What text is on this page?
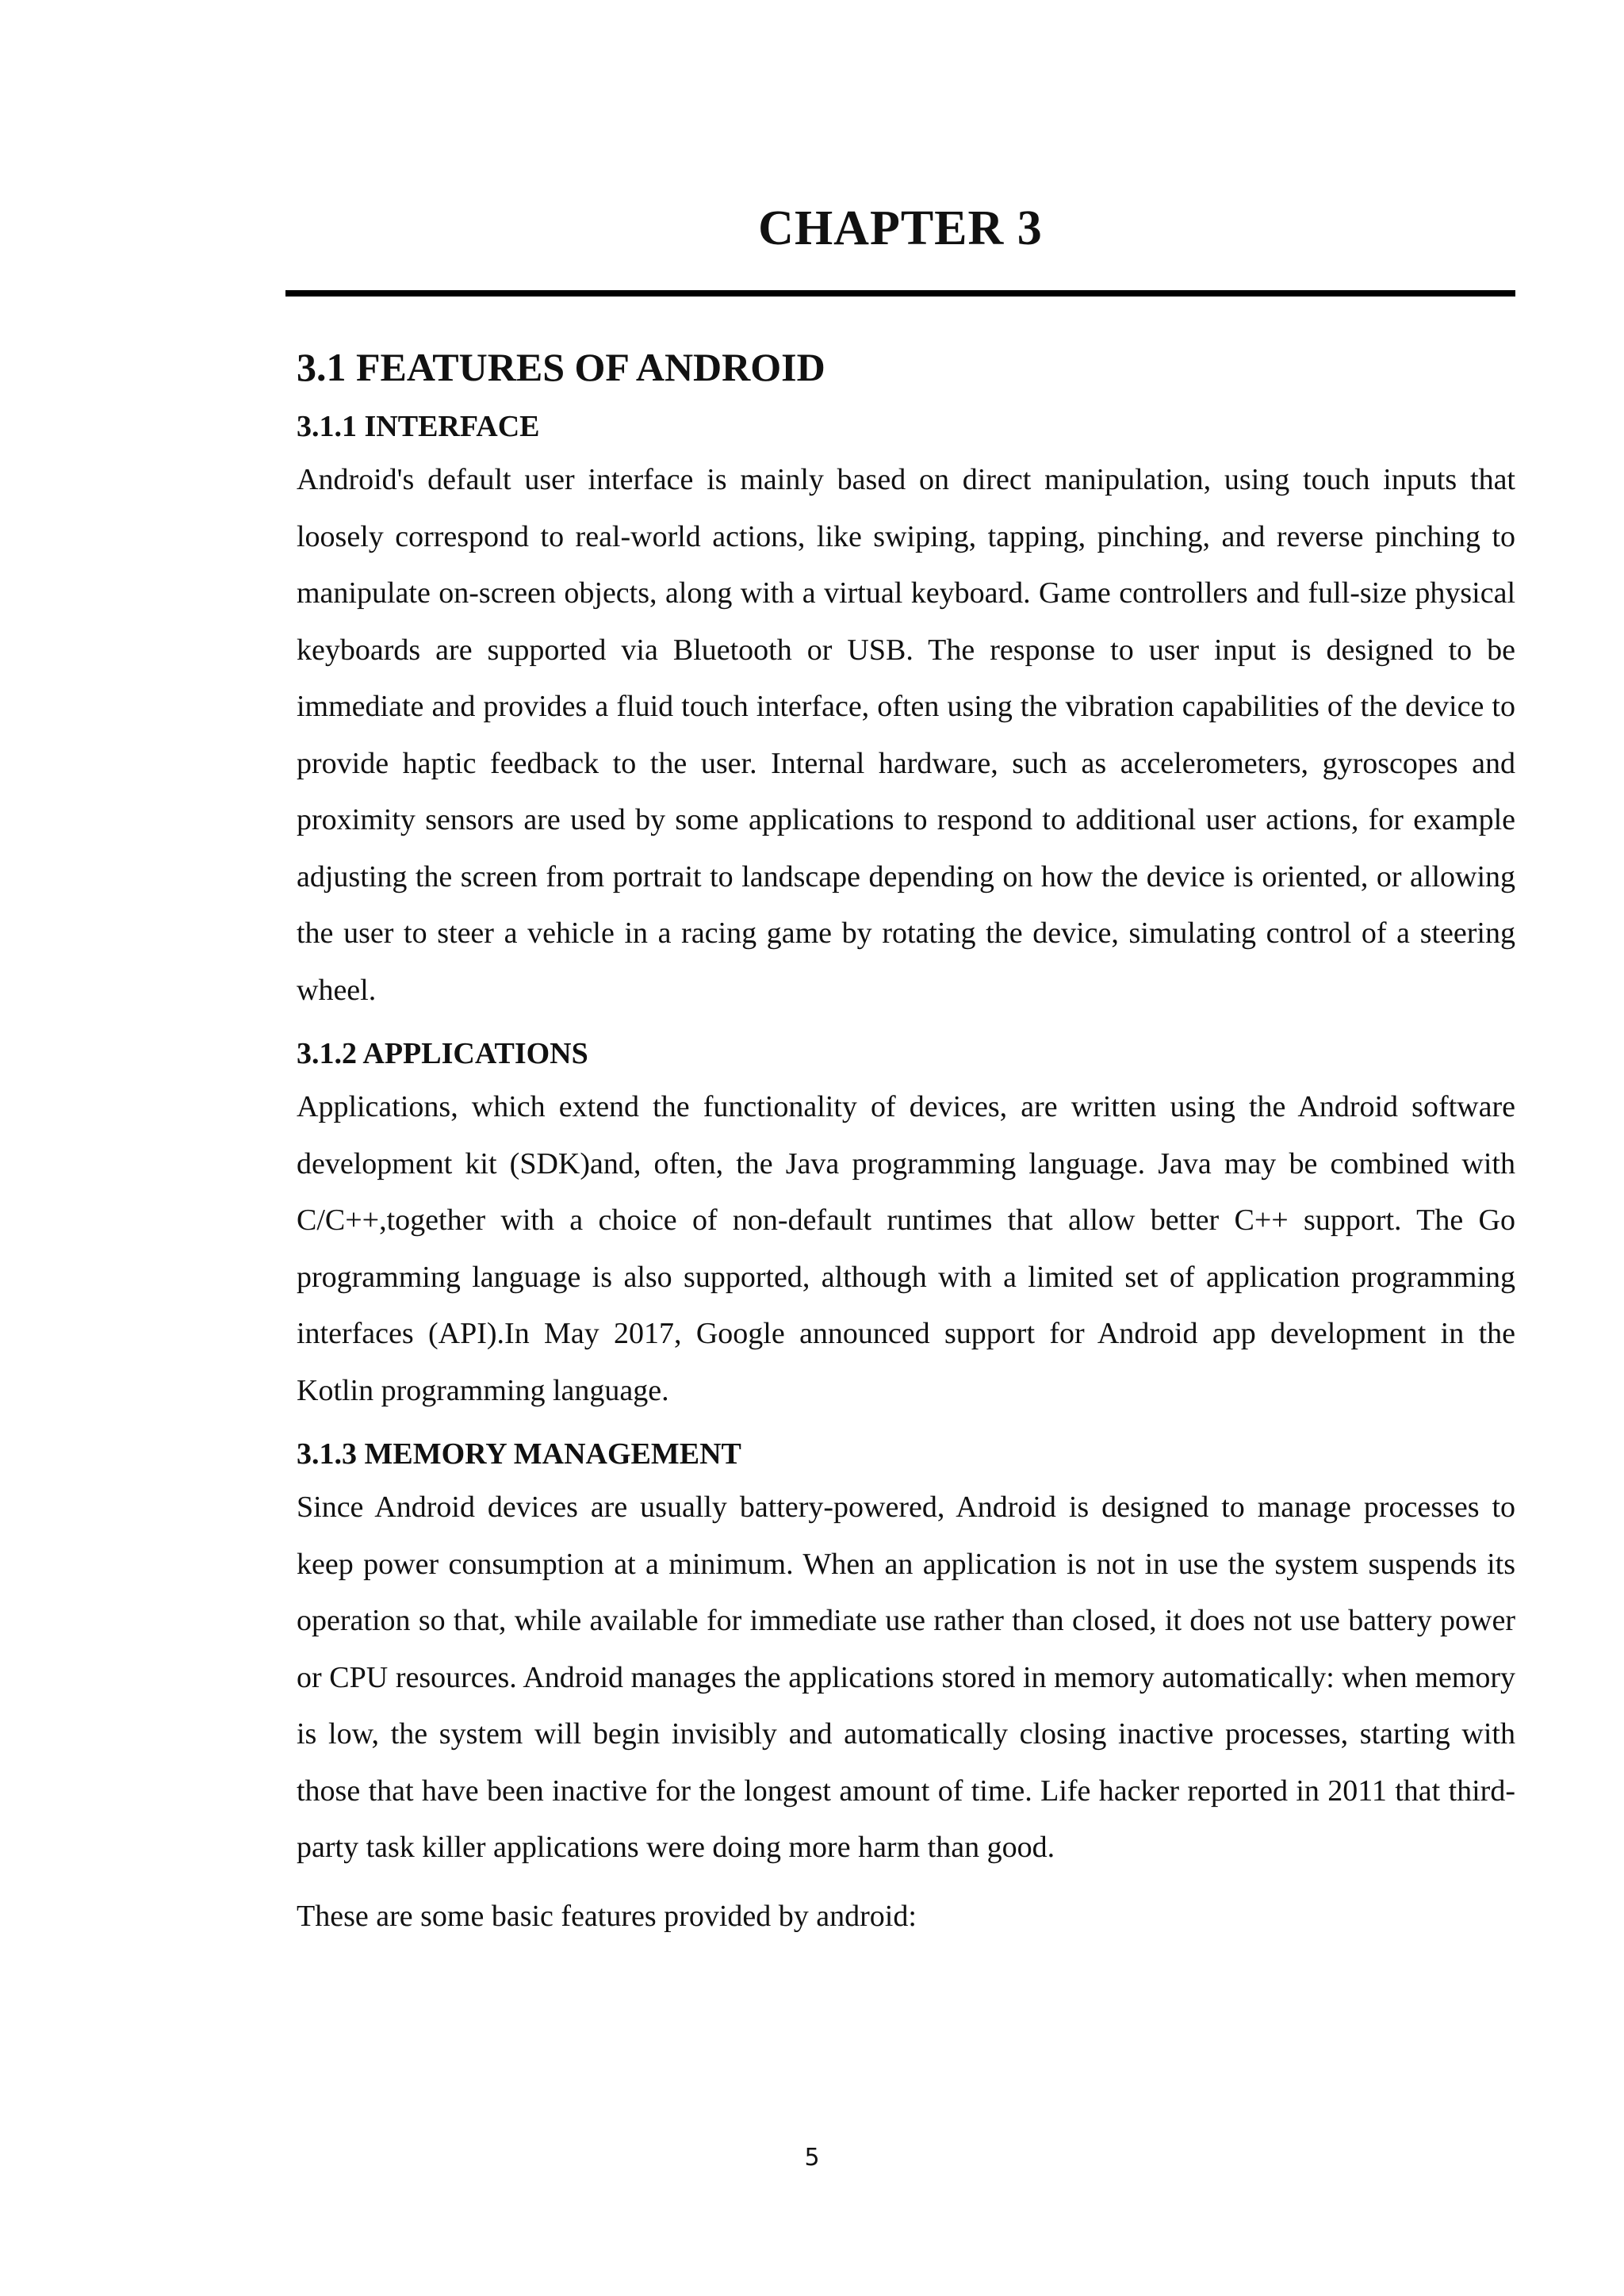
CHAPTER 3
3.1 FEATURES OF ANDROID
3.1.1 INTERFACE

Android's default user interface is mainly based on direct manipulation, using touch inputs that loosely correspond to real-world actions, like swiping, tapping, pinching, and reverse pinching to manipulate on-screen objects, along with a virtual keyboard. Game controllers and full-size physical keyboards are supported via Bluetooth or USB. The response to user input is designed to be immediate and provides a fluid touch interface, often using the vibration capabilities of the device to provide haptic feedback to the user. Internal hardware, such as accelerometers, gyroscopes and proximity sensors are used by some applications to respond to additional user actions, for example adjusting the screen from portrait to landscape depending on how the device is oriented, or allowing the user to steer a vehicle in a racing game by rotating the device, simulating control of a steering wheel.

3.1.2 APPLICATIONS

Applications, which extend the functionality of devices, are written using the Android software development kit (SDK)and, often, the Java programming language. Java may be combined with C/C++,together with a choice of non-default runtimes that allow better C++ support. The Go programming language is also supported, although with a limited set of application programming interfaces (API).In May 2017, Google announced support for Android app development in the Kotlin programming language.

3.1.3 MEMORY MANAGEMENT

Since Android devices are usually battery-powered, Android is designed to manage processes to keep power consumption at a minimum. When an application is not in use the system suspends its operation so that, while available for immediate use rather than closed, it does not use battery power or CPU resources. Android manages the applications stored in memory automatically: when memory is low, the system will begin invisibly and automatically closing inactive processes, starting with those that have been inactive for the longest amount of time. Life hacker reported in 2011 that third-party task killer applications were doing more harm than good.

These are some basic features provided by android:

5
